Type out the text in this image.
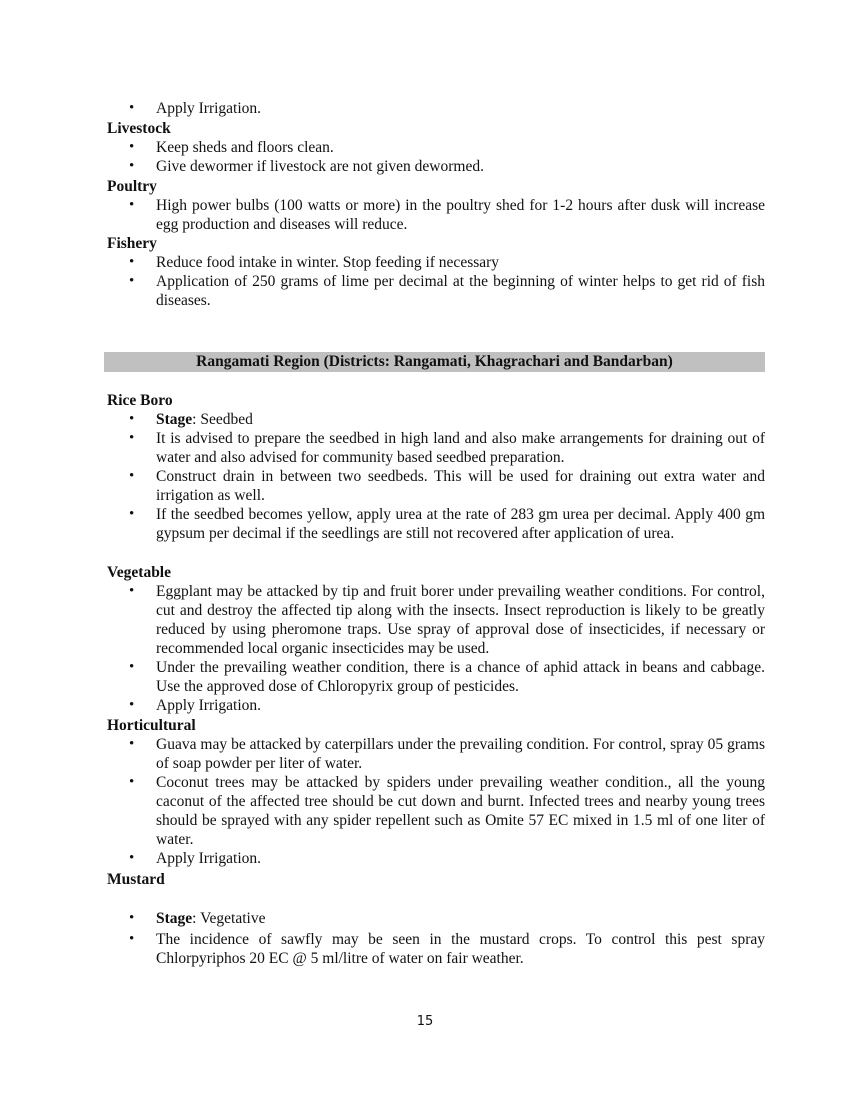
• Apply Irrigation.

Livestock

• Keep sheds and floors clean.
• Give dewormer if livestock are not given dewormed.

Poultry

• High power bulbs (100 watts or more) in the poultry shed for 1-2 hours after dusk will increase egg production and diseases will reduce.

Fishery

• Reduce food intake in winter. Stop feeding if necessary
• Application of 250 grams of lime per decimal at the beginning of winter helps to get rid of fish diseases.
Rangamati Region (Districts: Rangamati, Khagrachari and Bandarban)

Rice Boro

• Stage: Seedbed
• It is advised to prepare the seedbed in high land and also make arrangements for draining out of water and also advised for community based seedbed preparation.
• Construct drain in between two seedbeds. This will be used for draining out extra water and irrigation as well.
• If the seedbed becomes yellow, apply urea at the rate of 283 gm urea per decimal. Apply 400 gm gypsum per decimal if the seedlings are still not recovered after application of urea.

Vegetable

• Eggplant may be attacked by tip and fruit borer under prevailing weather conditions. For control, cut and destroy the affected tip along with the insects. Insect reproduction is likely to be greatly reduced by using pheromone traps. Use spray of approval dose of insecticides, if necessary or recommended local organic insecticides may be used.
• Under the prevailing weather condition, there is a chance of aphid attack in beans and cabbage. Use the approved dose of Chloropyrix group of pesticides.
• Apply Irrigation.

Horticultural

• Guava may be attacked by caterpillars under the prevailing condition. For control, spray 05 grams of soap powder per liter of water.
• Coconut trees may be attacked by spiders under prevailing weather condition., all the young caconut of the affected tree should be cut down and burnt. Infected trees and nearby young trees should be sprayed with any spider repellent such as Omite 57 EC mixed in 1.5 ml of one liter of water.
• Apply Irrigation.

Mustard

• Stage: Vegetative
• The incidence of sawfly may be seen in the mustard crops. To control this pest spray Chlorpyriphos 20 EC @ 5 ml/litre of water on fair weather.
15
